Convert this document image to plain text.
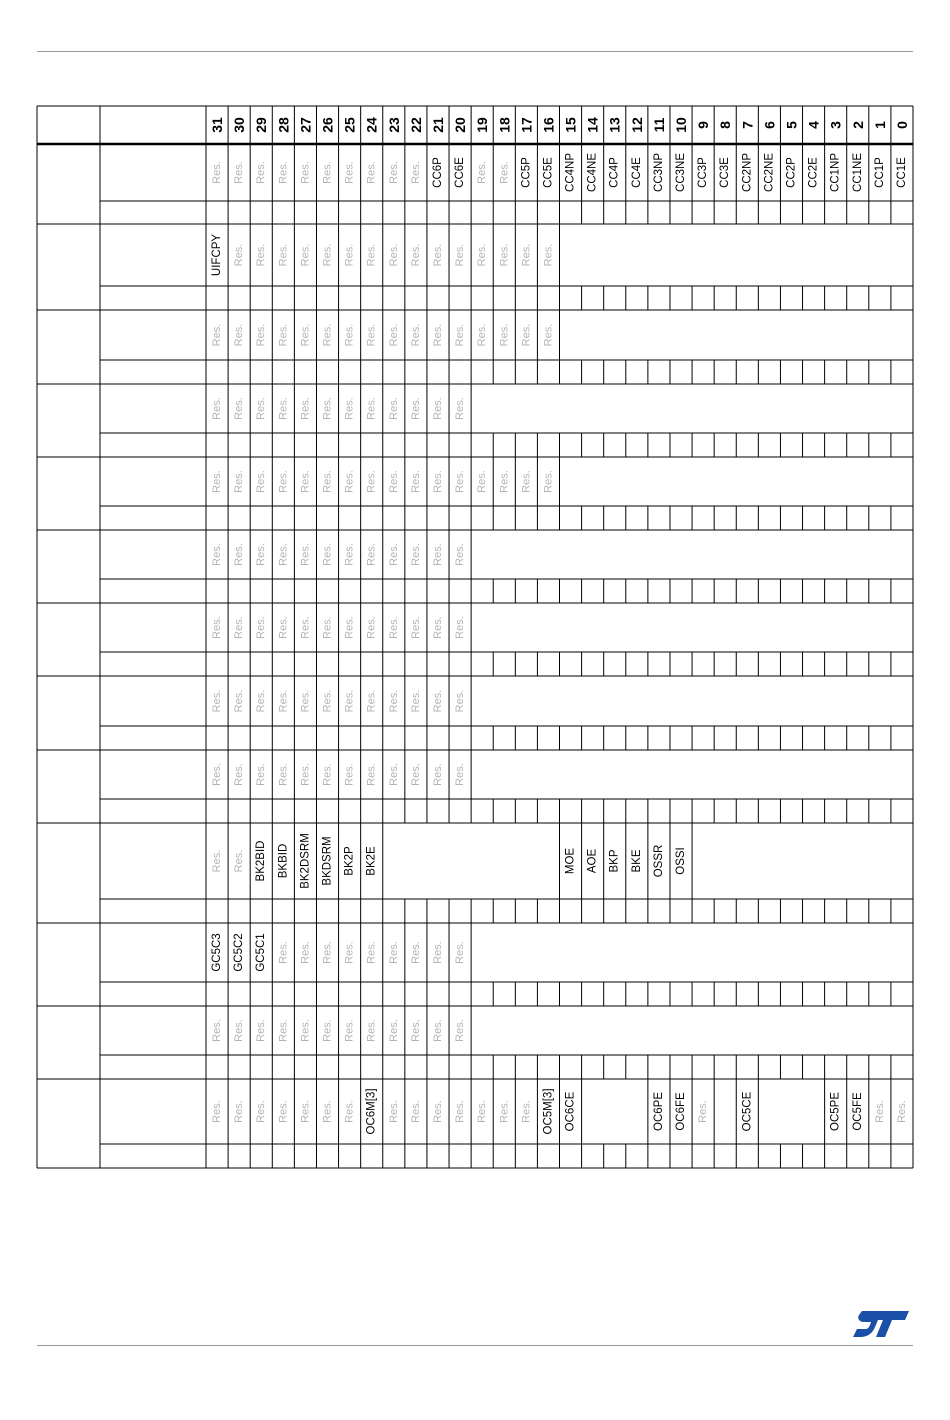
31 30 29 28 27 26 25 24 23 22 21 20 19 18 17 16 15 14 13 12 11 10 9 8 7 6 5 4 3 2 1 0
Res. Res. Res. Res. Res. Res. Res. Res. Res. Res. CC6P CC6E Res. Res. CC5P CC5E CC4NP CC4NE CC4P CC4E CC3NP CC3NE CC3P CC3E CC2NP CC2NE CC2P CC2E CC1NP CC1NE CC1P CC1E
UIFCPY Res. Res. Res. Res. Res. Res. Res. Res. Res. Res. Res. Res. Res. Res. Res.
Res. Res. Res. Res. Res. Res. Res. Res. Res. Res. Res. Res. Res. Res. Res. Res.
Res. Res. Res. Res. Res. Res. Res. Res. Res. Res. Res. Res.
Res. Res. Res. Res. Res. Res. Res. Res. Res. Res. Res. Res. Res. Res. Res. Res.
Res. Res. Res. Res. Res. Res. Res. Res. Res. Res. Res. Res.
Res. Res. Res. Res. Res. Res. Res. Res. Res. Res. Res. Res.
Res. Res. Res. Res. Res. Res. Res. Res. Res. Res. Res. Res.
Res. Res. Res. Res. Res. Res. Res. Res. Res. Res. Res. Res.
Res. Res. BK2BID BKBID BK2DSRM BKDSRM BK2P BK2E	MOE AOE BKP BKE OSSR OSSI
GC5C3 GC5C2 GC5C1 Res. Res. Res. Res. Res. Res. Res. Res. Res.
Res. Res. Res. Res. Res. Res. Res. Res. Res. Res. Res. Res.
Res. Res. Res. Res. Res. Res. Res. OC6M[3] Res. Res. Res. Res. Res. Res. Res. OC5M[3] OC6CE	OC6PE OC6FE Res.	OC5CE	OC5PE OC5FE Res. Res.
